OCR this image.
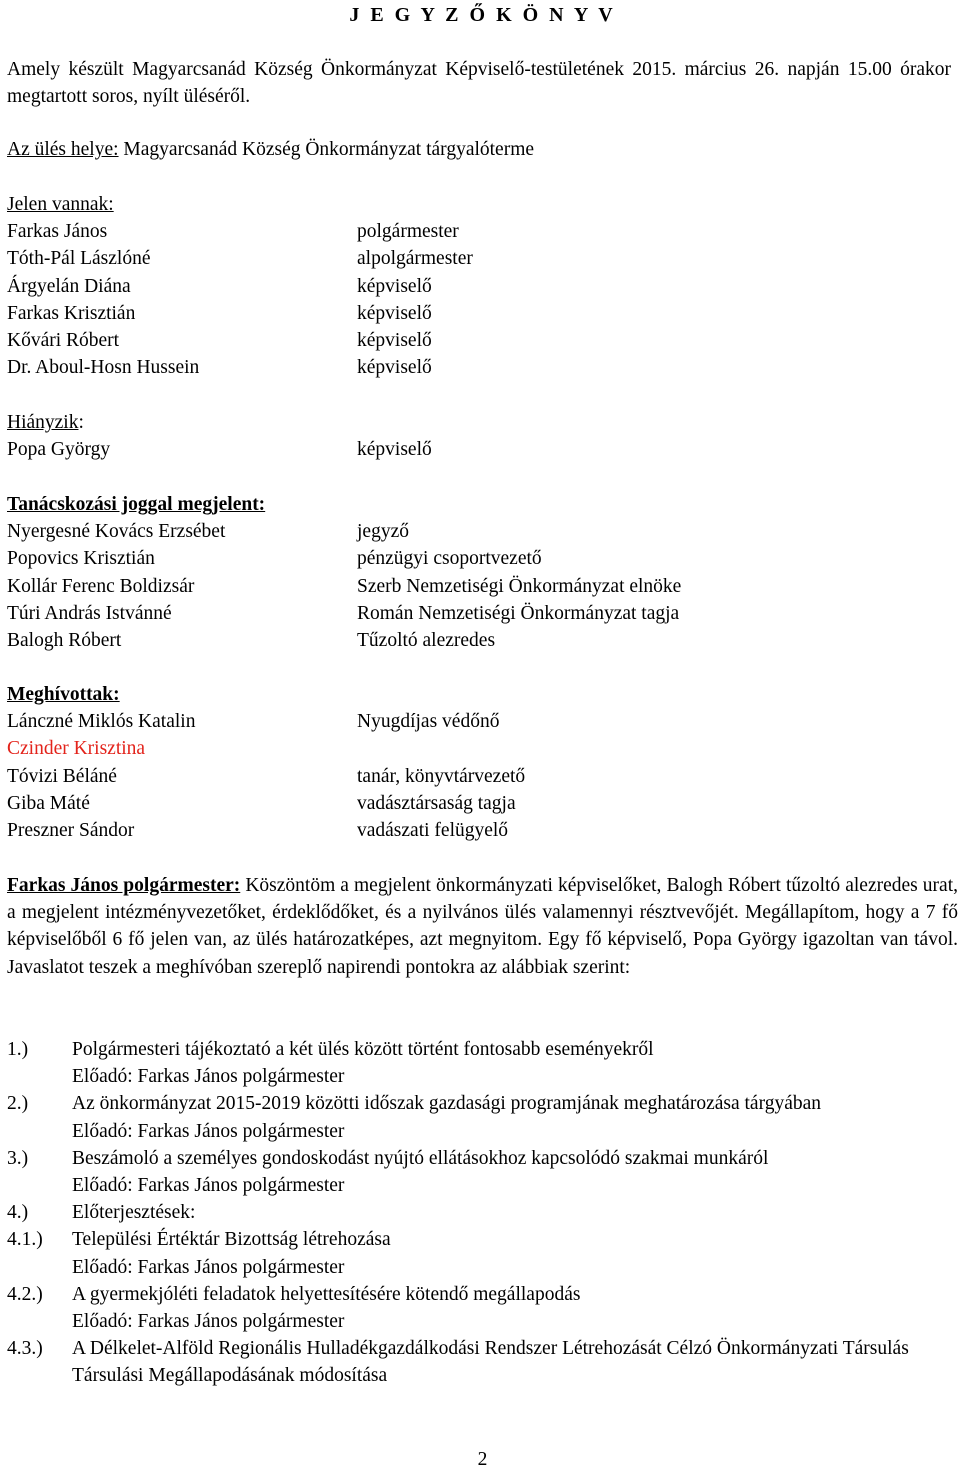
J E G Y Z Ő K Ö N Y V
Amely készült Magyarcsanád Község Önkormányzat Képviselő-testületének 2015. március 26. napján 15.00 órakor megtartott soros, nyílt üléséről.
Az ülés helye: Magyarcsanád Község Önkormányzat tárgyalóterme
Jelen vannak:
Farkas János	polgármester
Tóth-Pál Lászlóné	alpolgármester
Árgyelán Diána	képviselő
Farkas Krisztián	képviselő
Kővári Róbert	képviselő
Dr. Aboul-Hosn Hussein	képviselő
Hiányzik:
Popa György	képviselő
Tanácskozási joggal megjelent:
Nyergesné Kovács Erzsébet	jegyző
Popovics Krisztián	pénzügyi csoportvezető
Kollár Ferenc Boldizsár	Szerb Nemzetiségi Önkormányzat elnöke
Túri András Istvánné	Román Nemzetiségi Önkormányzat tagja
Balogh Róbert	Tűzoltó alezredes
Meghívottak:
Lánczné Miklós Katalin	Nyugdíjas védőnő
Czinder Krisztina
Tóvizi Béláné	tanár, könyvtárvezető
Giba Máté	vadásztársaság tagja
Preszner Sándor	vadászati felügyelő
Farkas János polgármester: Köszöntöm a megjelent önkormányzati képviselőket, Balogh Róbert tűzoltó alezredes urat, a megjelent intézményvezetőket, érdeklődőket, és a nyilvános ülés valamennyi résztvevőjét. Megállapítom, hogy a 7 fő képviselőből 6 fő jelen van, az ülés határozatképes, azt megnyitom. Egy fő képviselő, Popa György igazoltan van távol. Javaslatot teszek a meghívóban szereplő napirendi pontokra az alábbiak szerint:
1.)	Polgármesteri tájékoztató a két ülés között történt fontosabb eseményekről
Előadó: Farkas János polgármester
2.)	Az önkormányzat 2015-2019 közötti időszak gazdasági programjának meghatározása tárgyában
Előadó: Farkas János polgármester
3.)	Beszámoló a személyes gondoskodást nyújtó ellátásokhoz kapcsolódó szakmai munkáról
Előadó: Farkas János polgármester
4.)	Előterjesztések:
4.1.)	Települési Értéktár Bizottság létrehozása
Előadó: Farkas János polgármester
4.2.)	A gyermekjóléti feladatok helyettesítésére kötendő megállapodás
Előadó: Farkas János polgármester
4.3.)	A Délkelet-Alföld Regionális Hulladékgazdálkodási Rendszer Létrehozását Célzó Önkormányzati Társulás Társulási Megállapodásának módosítása
2
